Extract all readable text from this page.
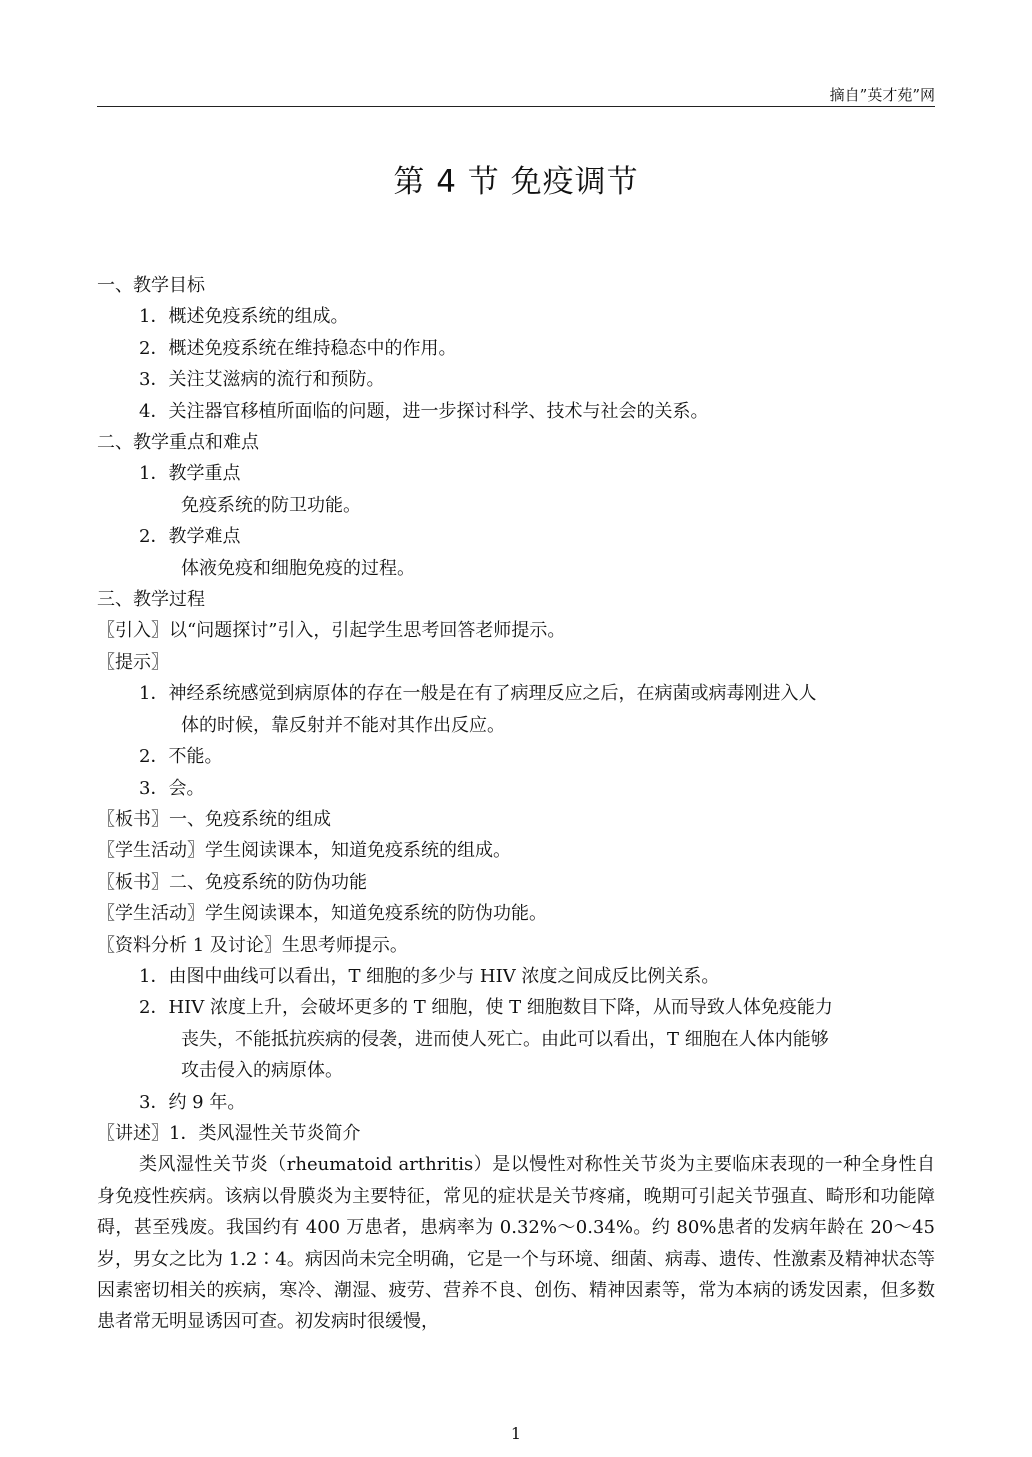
摘自”英才苑”网
第 4 节 免疫调节
一、教学目标
1．概述免疫系统的组成。
2．概述免疫系统在维持稳态中的作用。
3．关注艾滋病的流行和预防。
4．关注器官移植所面临的问题，进一步探讨科学、技术与社会的关系。
二、教学重点和难点
1．教学重点
免疫系统的防卫功能。
2．教学难点
体液免疫和细胞免疫的过程。
三、教学过程
〖引入〗以“问题探讨”引入，引起学生思考回答老师提示。
〖提示〗
1．神经系统感觉到病原体的存在一般是在有了病理反应之后，在病菌或病毒刚进入人
体的时候，靠反射并不能对其作出反应。
2．不能。
3．会。
〖板书〗一、免疫系统的组成
〖学生活动〗学生阅读课本，知道免疫系统的组成。
〖板书〗二、免疫系统的防伪功能
〖学生活动〗学生阅读课本，知道免疫系统的防伪功能。
〖资料分析 1 及讨论〗生思考师提示。
1．由图中曲线可以看出，T 细胞的多少与 HIV 浓度之间成反比例关系。
2．HIV 浓度上升，会破坏更多的 T 细胞，使 T 细胞数目下降，从而导致人体免疫能力
丧失，不能抵抗疾病的侵袭，进而使人死亡。由此可以看出，T 细胞在人体内能够
攻击侵入的病原体。
3．约 9 年。
〖讲述〗1．类风湿性关节炎简介
类风湿性关节炎（rheumatoid arthritis）是以慢性对称性关节炎为主要临床表现的一种全身性自身免疫性疾病。该病以骨膜炎为主要特征，常见的症状是关节疼痛，晚期可引起关节强直、畸形和功能障碍，甚至残废。我国约有 400 万患者，患病率为 0.32%～0.34%。约 80%患者的发病年龄在 20～45 岁，男女之比为 1.2∶4。病因尚未完全明确，它是一个与环境、细菌、病毒、遗传、性激素及精神状态等因素密切相关的疾病，寒冷、潮湿、疲劳、营养不良、创伤、精神因素等，常为本病的诱发因素，但多数患者常无明显诱因可查。初发病时很缓慢，
1
